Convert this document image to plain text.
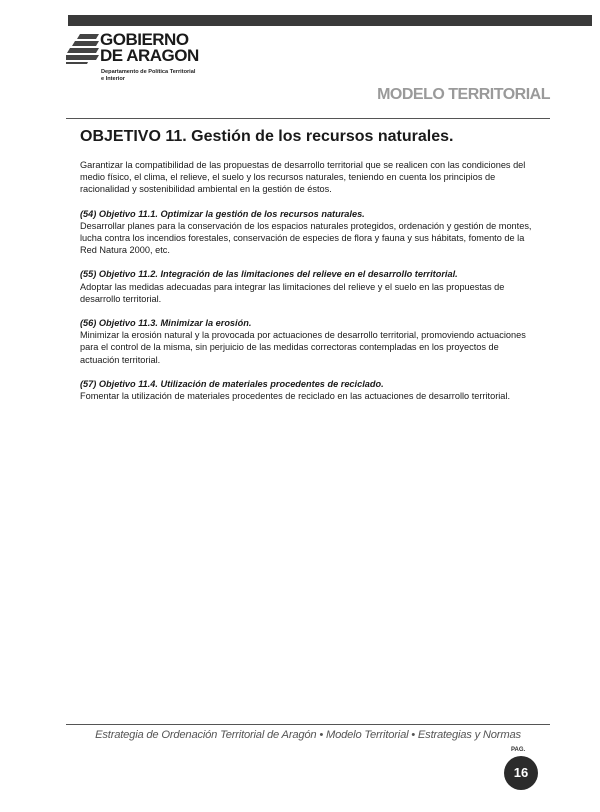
GOBIERNO
DE ARAGON
Departamento de Política Territorial
e Interior
MODELO TERRITORIAL
OBJETIVO 11. Gestión de los recursos naturales.

Garantizar la compatibilidad de las propuestas de desarrollo territorial que se realicen con las condiciones del medio físico, el clima, el relieve, el suelo y los recursos naturales, teniendo en cuenta los principios de racionalidad y sostenibilidad ambiental en la gestión de éstos.

(54) Objetivo 11.1. Optimizar la gestión de los recursos naturales.
Desarrollar planes para la conservación de los espacios naturales protegidos, ordenación y gestión de montes, lucha contra los incendios forestales, conservación de especies de flora y fauna y sus hábitats, fomento de la Red Natura 2000, etc.

(55) Objetivo 11.2. Integración de las limitaciones del relieve en el desarrollo territorial.
Adoptar las medidas adecuadas para integrar las limitaciones del relieve y el suelo en las propuestas de desarrollo territorial.

(56) Objetivo 11.3. Minimizar la erosión.
Minimizar la erosión natural y la provocada por actuaciones de desarrollo territorial, promoviendo actuaciones para el control de la misma, sin perjuicio de las medidas correctoras contempladas en los proyectos de actuación territorial.

(57) Objetivo 11.4. Utilización de materiales procedentes de reciclado.
Fomentar la utilización de materiales procedentes de reciclado en las actuaciones de desarrollo territorial.

Estrategia de Ordenación Territorial de Aragón • Modelo Territorial • Estrategias y Normas
PAG.
16
